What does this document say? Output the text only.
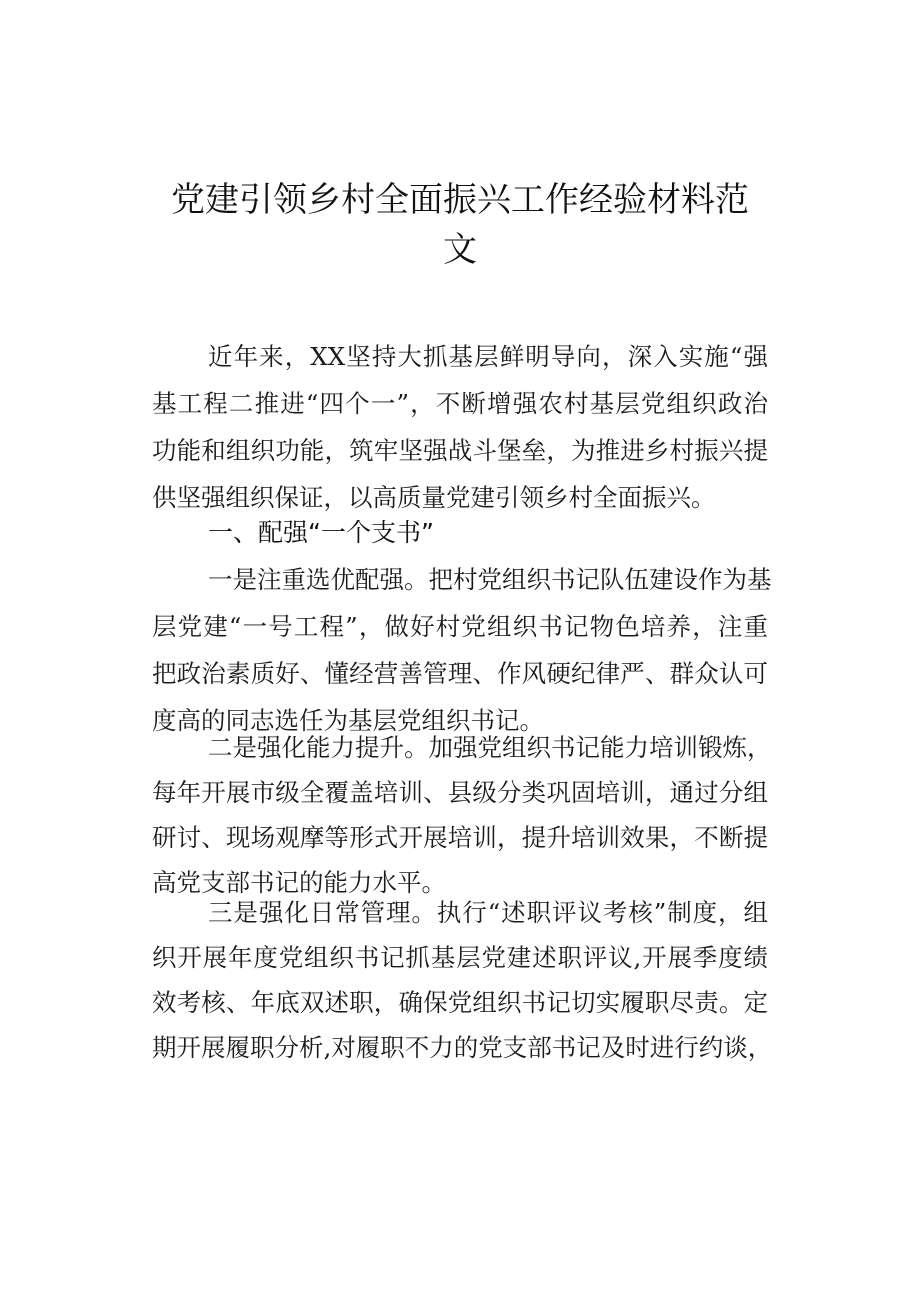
党建引领乡村全面振兴工作经验材料范
文
近年来，XX坚持大抓基层鲜明导向，深入实施“强
基工程二推进“四个一”，不断增强农村基层党组织政治
功能和组织功能，筑牢坚强战斗堡垒，为推进乡村振兴提
供坚强组织保证，以高质量党建引领乡村全面振兴。
一、配强“一个支书”
一是注重选优配强。把村党组织书记队伍建设作为基
层党建“一号工程”，做好村党组织书记物色培养，注重
把政治素质好、懂经营善管理、作风硬纪律严、群众认可
度高的同志选任为基层党组织书记。
二是强化能力提升。加强党组织书记能力培训锻炼，
每年开展市级全覆盖培训、县级分类巩固培训，通过分组
研讨、现场观摩等形式开展培训，提升培训效果，不断提
高党支部书记的能力水平。
三是强化日常管理。执行“述职评议考核”制度，组
织开展年度党组织书记抓基层党建述职评议,开展季度绩
效考核、年底双述职，确保党组织书记切实履职尽责。定
期开展履职分析,对履职不力的党支部书记及时进行约谈，
